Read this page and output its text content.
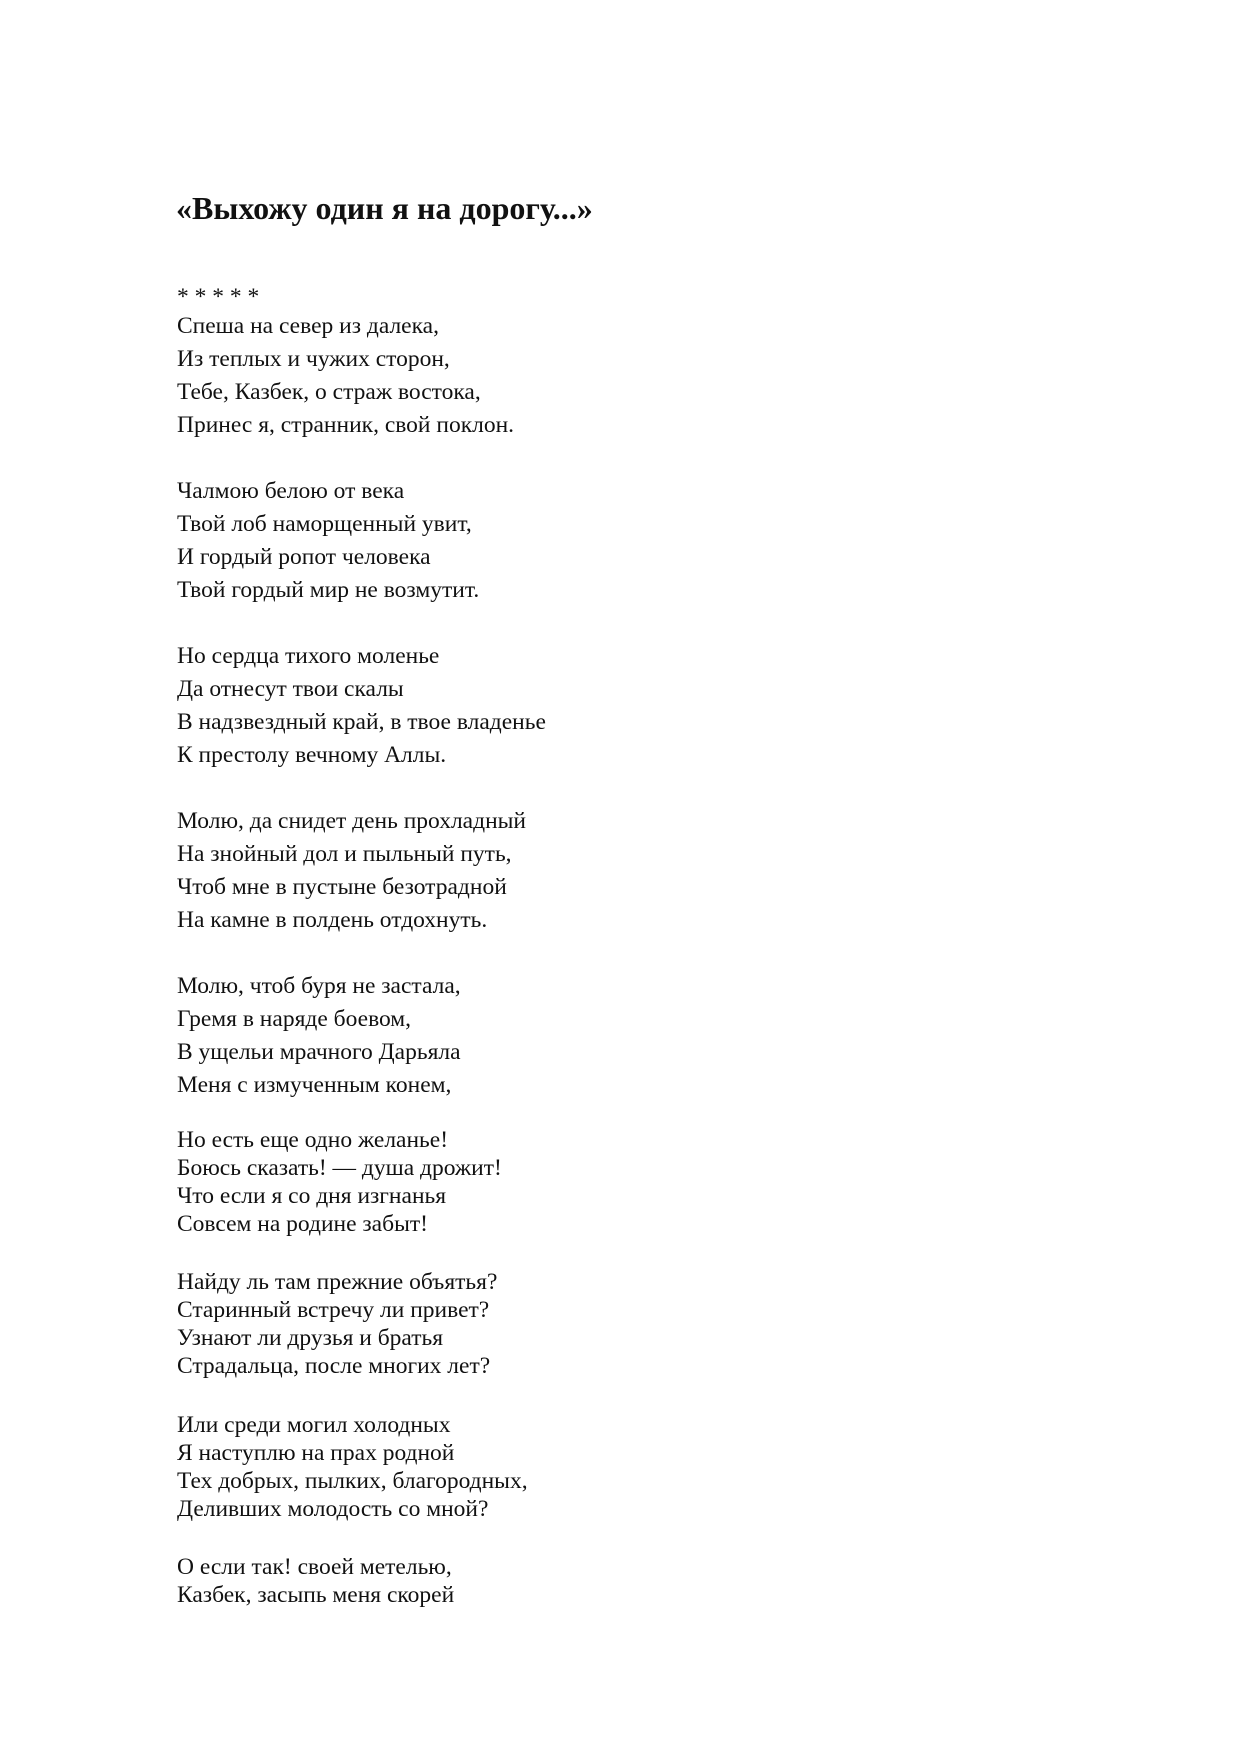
«Выхожу один я на дорогу...»

* * * * *

Спеша на север из далека,

Из теплых и чужих сторон,

Тебе, Казбек, о страж востока,

Принес я, странник, свой поклон.

Чалмою белою от века

Твой лоб наморщенный увит,

И гордый ропот человека

Твой гордый мир не возмутит.

Но сердца тихого моленье

Да отнесут твои скалы

В надзвездный край, в твое владенье

К престолу вечному Аллы.

Молю, да снидет день прохладный

На знойный дол и пыльный путь,

Чтоб мне в пустыне безотрадной

На камне в полдень отдохнуть.

Молю, чтоб буря не застала,

Гремя в наряде боевом,

В ущельи мрачного Дарьяла

Меня с измученным конем,

Но есть еще одно желанье!

Боюсь сказать! — душа дрожит!

Что если я со дня изгнанья

Совсем на родине забыт!

Найду ль там прежние объятья?

Старинный встречу ли привет?

Узнают ли друзья и братья

Страдальца, после многих лет?

Или среди могил холодных

Я наступлю на прах родной

Тех добрых, пылких, благородных,

Деливших молодость со мной?

О если так! своей метелью,

Казбек, засыпь меня скорей
